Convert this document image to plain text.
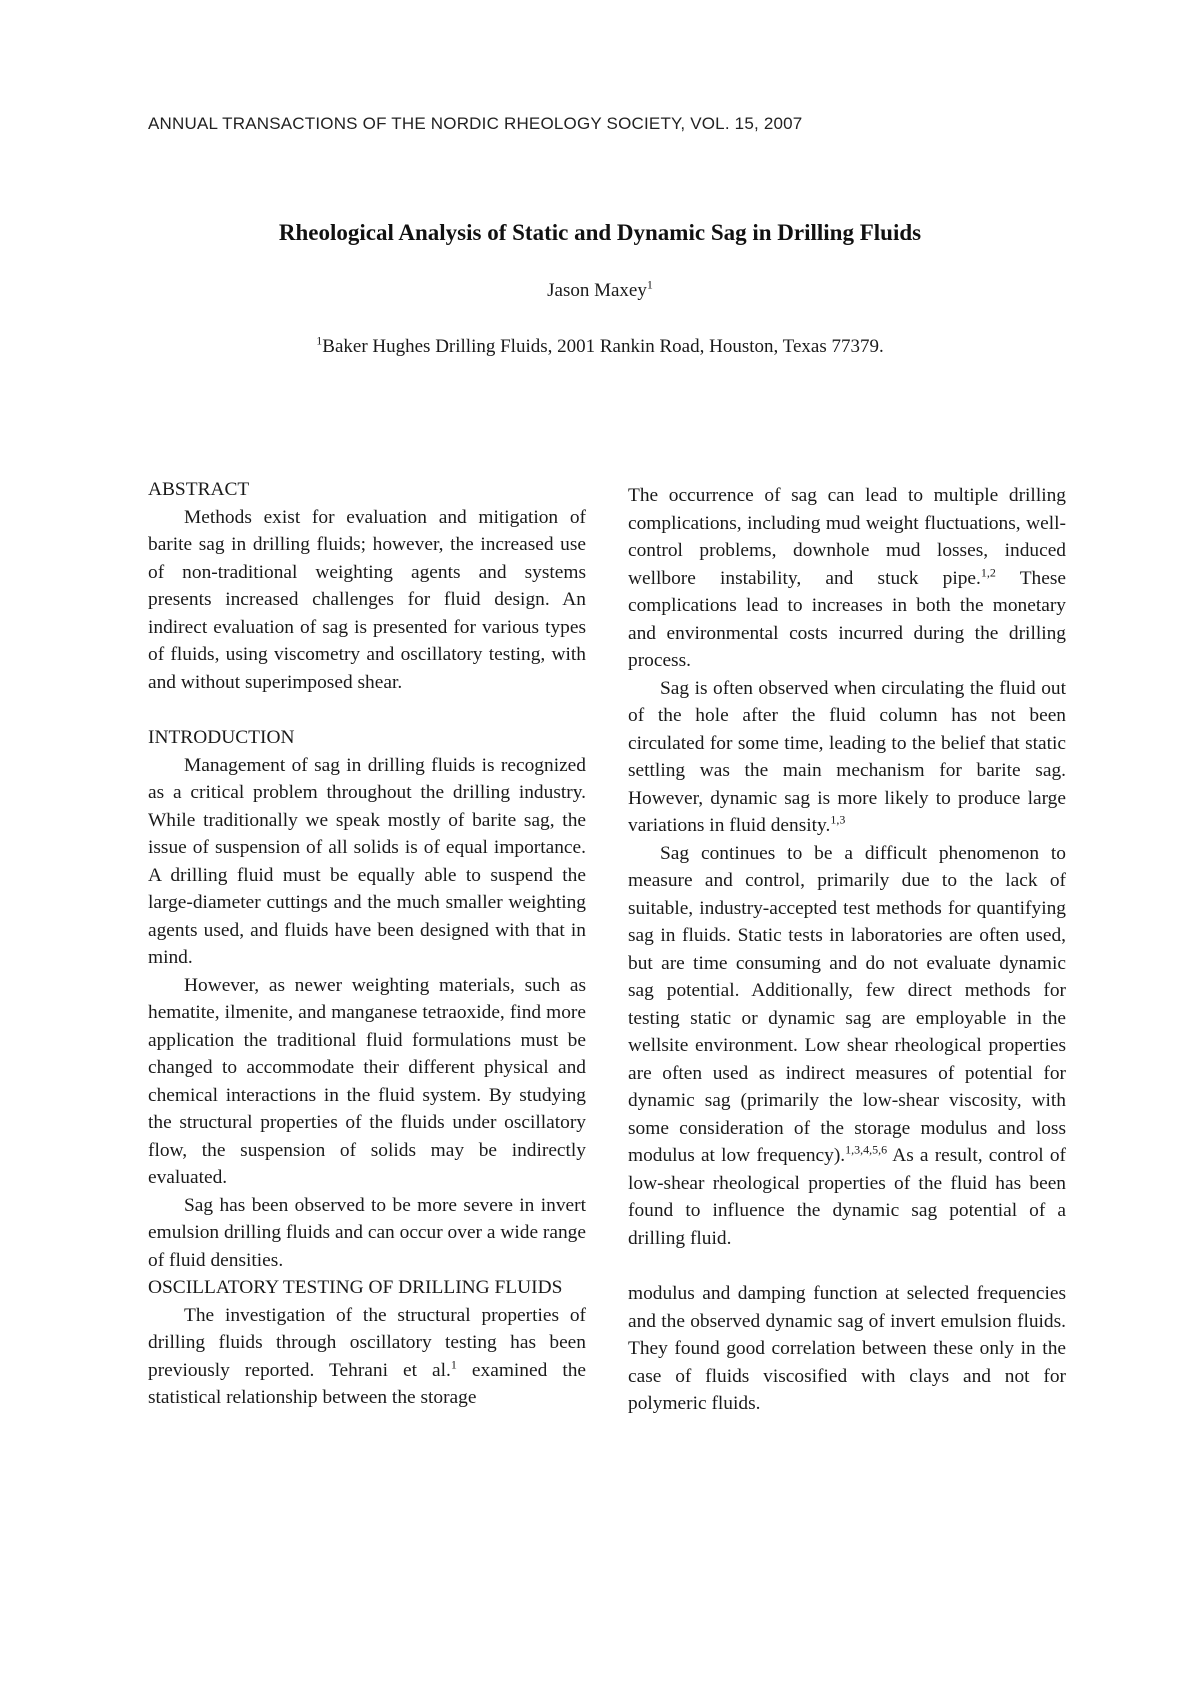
ANNUAL TRANSACTIONS OF THE NORDIC RHEOLOGY SOCIETY, VOL. 15, 2007
Rheological Analysis of Static and Dynamic Sag in Drilling Fluids
Jason Maxey$^1$
$^1$Baker Hughes Drilling Fluids, 2001 Rankin Road, Houston, Texas 77379.

ABSTRACT

Methods exist for evaluation and mitigation of barite sag in drilling fluids; however, the increased use of non-traditional weighting agents and systems presents increased challenges for fluid design. An indirect evaluation of sag is presented for various types of fluids, using viscometry and oscillatory testing, with and without superimposed shear.

INTRODUCTION

Management of sag in drilling fluids is recognized as a critical problem throughout the drilling industry. While traditionally we speak mostly of barite sag, the issue of suspension of all solids is of equal importance. A drilling fluid must be equally able to suspend the large-diameter cuttings and the much smaller weighting agents used, and fluids have been designed with that in mind.

However, as newer weighting materials, such as hematite, ilmenite, and manganese tetraoxide, find more application the traditional fluid formulations must be changed to accommodate their different physical and chemical interactions in the fluid system. By studying the structural properties of the fluids under oscillatory flow, the suspension of solids may be indirectly evaluated.

Sag has been observed to be more severe in invert emulsion drilling fluids and can occur over a wide range of fluid densities.

OSCILLATORY TESTING OF DRILLING FLUIDS

The investigation of the structural properties of drilling fluids through oscillatory testing has been previously reported. Tehrani et al.$^1$ examined the statistical relationship between the storage

The occurrence of sag can lead to multiple drilling complications, including mud weight fluctuations, well-control problems, downhole mud losses, induced wellbore instability, and stuck pipe.$^{1,2}$ These complications lead to increases in both the monetary and environmental costs incurred during the drilling process.

Sag is often observed when circulating the fluid out of the hole after the fluid column has not been circulated for some time, leading to the belief that static settling was the main mechanism for barite sag. However, dynamic sag is more likely to produce large variations in fluid density.$^{1,3}$

Sag continues to be a difficult phenomenon to measure and control, primarily due to the lack of suitable, industry-accepted test methods for quantifying sag in fluids. Static tests in laboratories are often used, but are time consuming and do not evaluate dynamic sag potential. Additionally, few direct methods for testing static or dynamic sag are employable in the wellsite environment. Low shear rheological properties are often used as indirect measures of potential for dynamic sag (primarily the low-shear viscosity, with some consideration of the storage modulus and loss modulus at low frequency).$^{1,3,4,5,6}$ As a result, control of low-shear rheological properties of the fluid has been found to influence the dynamic sag potential of a drilling fluid.

modulus and damping function at selected frequencies and the observed dynamic sag of invert emulsion fluids. They found good correlation between these only in the case of fluids viscosified with clays and not for polymeric fluids.
